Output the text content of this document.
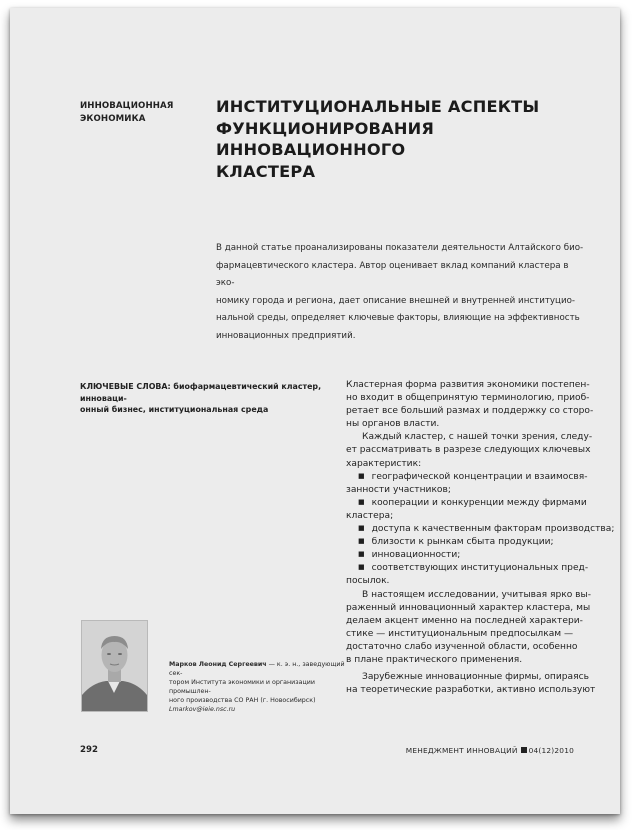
ИННОВАЦИОННАЯ
ЭКОНОМИКА
ИНСТИТУЦИОНАЛЬНЫЕ АСПЕКТЫ
ФУНКЦИОНИРОВАНИЯ ИННОВАЦИОННОГО
КЛАСТЕРА
В данной статье проанализированы показатели деятельности Алтайского био-
фармацевтического кластера. Автор оценивает вклад компаний кластера в эко-
номику города и региона, дает описание внешней и внутренней институцио-
нальной среды, определяет ключевые факторы, влияющие на эффективность
инновационных предприятий.
КЛЮЧЕВЫЕ СЛОВА: биофармацевтический кластер, инноваци-
онный бизнес, институциональная среда
Кластерная форма развития экономики постепен-
но входит в общепринятую терминологию, приоб-
ретает все больший размах и поддержку со сторо-
ны органов власти.
Каждый кластер, с нашей точки зрения, следу-
ет рассматривать в разрезе следующих ключевых
характеристик:
■ географической концентрации и взаимосвя-
занности участников;
■ кооперации и конкуренции между фирмами
кластера;
■ доступа к качественным факторам производства;
■ близости к рынкам сбыта продукции;
■ инновационности;
■ соответствующих институциональных пред-
посылок.
В настоящем исследовании, учитывая ярко вы-
раженный инновационный характер кластера, мы
делаем акцент именно на последней характери-
стике — институциональным предпосылкам —
достаточно слабо изученной области, особенно
в плане практического применения.
Зарубежные инновационные фирмы, опираясь
на теоретические разработки, активно используют
Марков Леонид Сергеевич — к. э. н., заведующий сек-
тором Института экономики и организации промышлен-
ного производства СО РАН (г. Новосибирск)
Lmarkov@ieie.nsc.ru
292	МЕНЕДЖМЕНТ ИННОВАЦИЙ 04(12)2010
